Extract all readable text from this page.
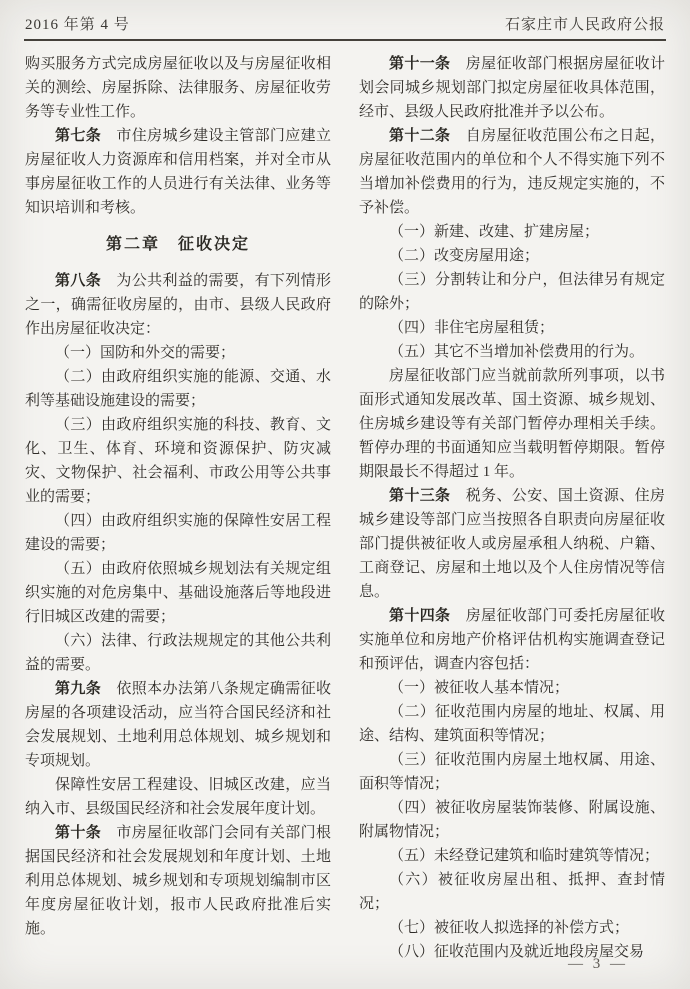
2016 年第 4 号	石家庄市人民政府公报

购买服务方式完成房屋征收以及与房屋征收相关的测绘、房屋拆除、法律服务、房屋征收劳务等专业性工作。

第七条　市住房城乡建设主管部门应建立房屋征收人力资源库和信用档案，并对全市从事房屋征收工作的人员进行有关法律、业务等知识培训和考核。

第二章　征收决定

第八条　为公共利益的需要，有下列情形之一，确需征收房屋的，由市、县级人民政府作出房屋征收决定：

（一）国防和外交的需要；

（二）由政府组织实施的能源、交通、水利等基础设施建设的需要；

（三）由政府组织实施的科技、教育、文化、卫生、体育、环境和资源保护、防灾减灾、文物保护、社会福利、市政公用等公共事业的需要；

（四）由政府组织实施的保障性安居工程建设的需要；

（五）由政府依照城乡规划法有关规定组织实施的对危房集中、基础设施落后等地段进行旧城区改建的需要；

（六）法律、行政法规规定的其他公共利益的需要。

第九条　依照本办法第八条规定确需征收房屋的各项建设活动，应当符合国民经济和社会发展规划、土地利用总体规划、城乡规划和专项规划。

保障性安居工程建设、旧城区改建，应当纳入市、县级国民经济和社会发展年度计划。

第十条　市房屋征收部门会同有关部门根据国民经济和社会发展规划和年度计划、土地利用总体规划、城乡规划和专项规划编制市区年度房屋征收计划，报市人民政府批准后实施。

第十一条　房屋征收部门根据房屋征收计划会同城乡规划部门拟定房屋征收具体范围，经市、县级人民政府批准并予以公布。

第十二条　自房屋征收范围公布之日起，房屋征收范围内的单位和个人不得实施下列不当增加补偿费用的行为，违反规定实施的，不予补偿。

（一）新建、改建、扩建房屋；

（二）改变房屋用途；

（三）分割转让和分户，但法律另有规定的除外；

（四）非住宅房屋租赁；

（五）其它不当增加补偿费用的行为。

房屋征收部门应当就前款所列事项，以书面形式通知发展改革、国土资源、城乡规划、住房城乡建设等有关部门暂停办理相关手续。暂停办理的书面通知应当载明暂停期限。暂停期限最长不得超过 1 年。

第十三条　税务、公安、国土资源、住房城乡建设等部门应当按照各自职责向房屋征收部门提供被征收人或房屋承租人纳税、户籍、工商登记、房屋和土地以及个人住房情况等信息。

第十四条　房屋征收部门可委托房屋征收实施单位和房地产价格评估机构实施调查登记和预评估，调查内容包括：

（一）被征收人基本情况；

（二）征收范围内房屋的地址、权属、用途、结构、建筑面积等情况；

（三）征收范围内房屋土地权属、用途、面积等情况；

（四）被征收房屋装饰装修、附属设施、附属物情况；

（五）未经登记建筑和临时建筑等情况；

（六）被征收房屋出租、抵押、查封情况；

（七）被征收人拟选择的补偿方式；

（八）征收范围内及就近地段房屋交易

— 3 —
